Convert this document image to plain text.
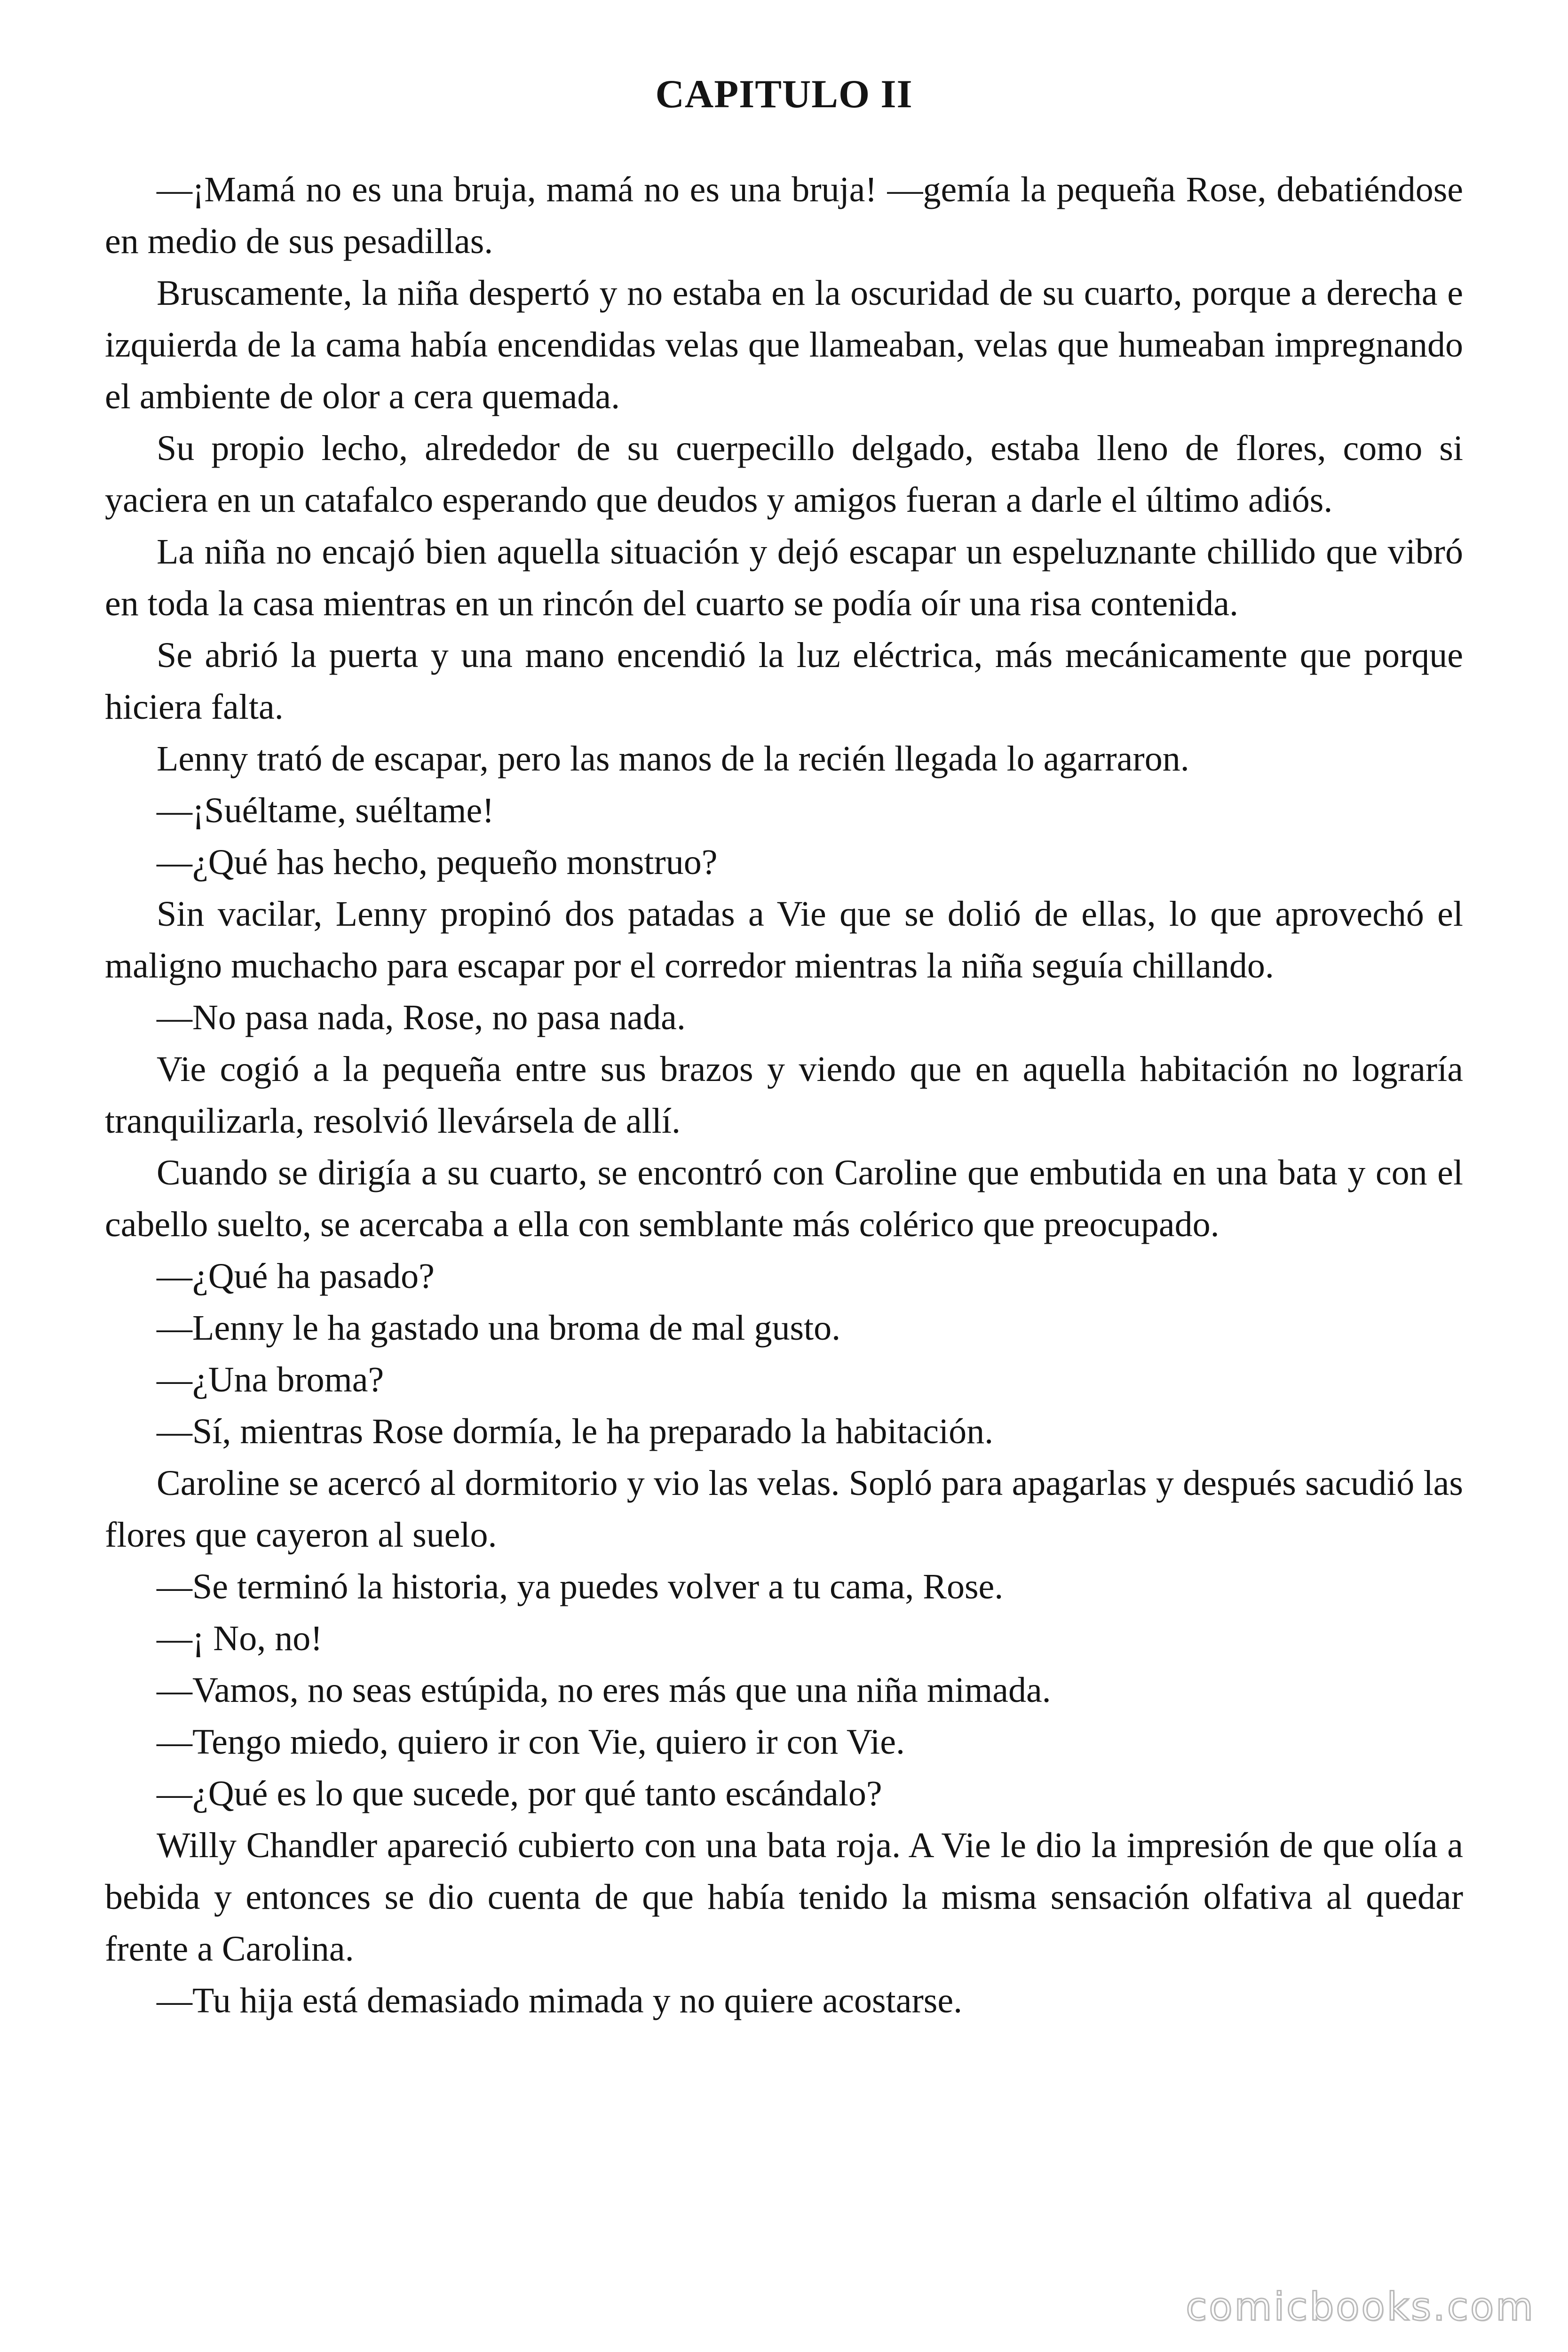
CAPITULO II

—¡Mamá no es una bruja, mamá no es una bruja! —gemía la pequeña Rose, debatiéndose en medio de sus pesadillas.

Bruscamente, la niña despertó y no estaba en la oscuridad de su cuarto, porque a derecha e izquierda de la cama había encendidas velas que llameaban, velas que humeaban impregnando el ambiente de olor a cera quemada.

Su propio lecho, alrededor de su cuerpecillo delgado, estaba lleno de flores, como si yaciera en un catafalco esperando que deudos y amigos fueran a darle el último adiós.

La niña no encajó bien aquella situación y dejó escapar un espeluznante chillido que vibró en toda la casa mientras en un rincón del cuarto se podía oír una risa contenida.

Se abrió la puerta y una mano encendió la luz eléctrica, más mecánicamente que porque hiciera falta.

Lenny trató de escapar, pero las manos de la recién llegada lo agarraron.

—¡Suéltame, suéltame!

—¿Qué has hecho, pequeño monstruo?

Sin vacilar, Lenny propinó dos patadas a Vie que se dolió de ellas, lo que aprovechó el maligno muchacho para escapar por el corredor mientras la niña seguía chillando.

—No pasa nada, Rose, no pasa nada.

Vie cogió a la pequeña entre sus brazos y viendo que en aquella habitación no lograría tranquilizarla, resolvió llevársela de allí.

Cuando se dirigía a su cuarto, se encontró con Caroline que embutida en una bata y con el cabello suelto, se acercaba a ella con semblante más colérico que preocupado.

—¿Qué ha pasado?

—Lenny le ha gastado una broma de mal gusto.

—¿Una broma?

—Sí, mientras Rose dormía, le ha preparado la habitación.

Caroline se acercó al dormitorio y vio las velas. Sopló para apagarlas y después sacudió las flores que cayeron al suelo.

—Se terminó la historia, ya puedes volver a tu cama, Rose.

—¡ No, no!

—Vamos, no seas estúpida, no eres más que una niña mimada.

—Tengo miedo, quiero ir con Vie, quiero ir con Vie.

—¿Qué es lo que sucede, por qué tanto escándalo?

Willy Chandler apareció cubierto con una bata roja. A Vie le dio la impresión de que olía a bebida y entonces se dio cuenta de que había tenido la misma sensación olfativa al quedar frente a Carolina.

—Tu hija está demasiado mimada y no quiere acostarse.

comicbooks.com
